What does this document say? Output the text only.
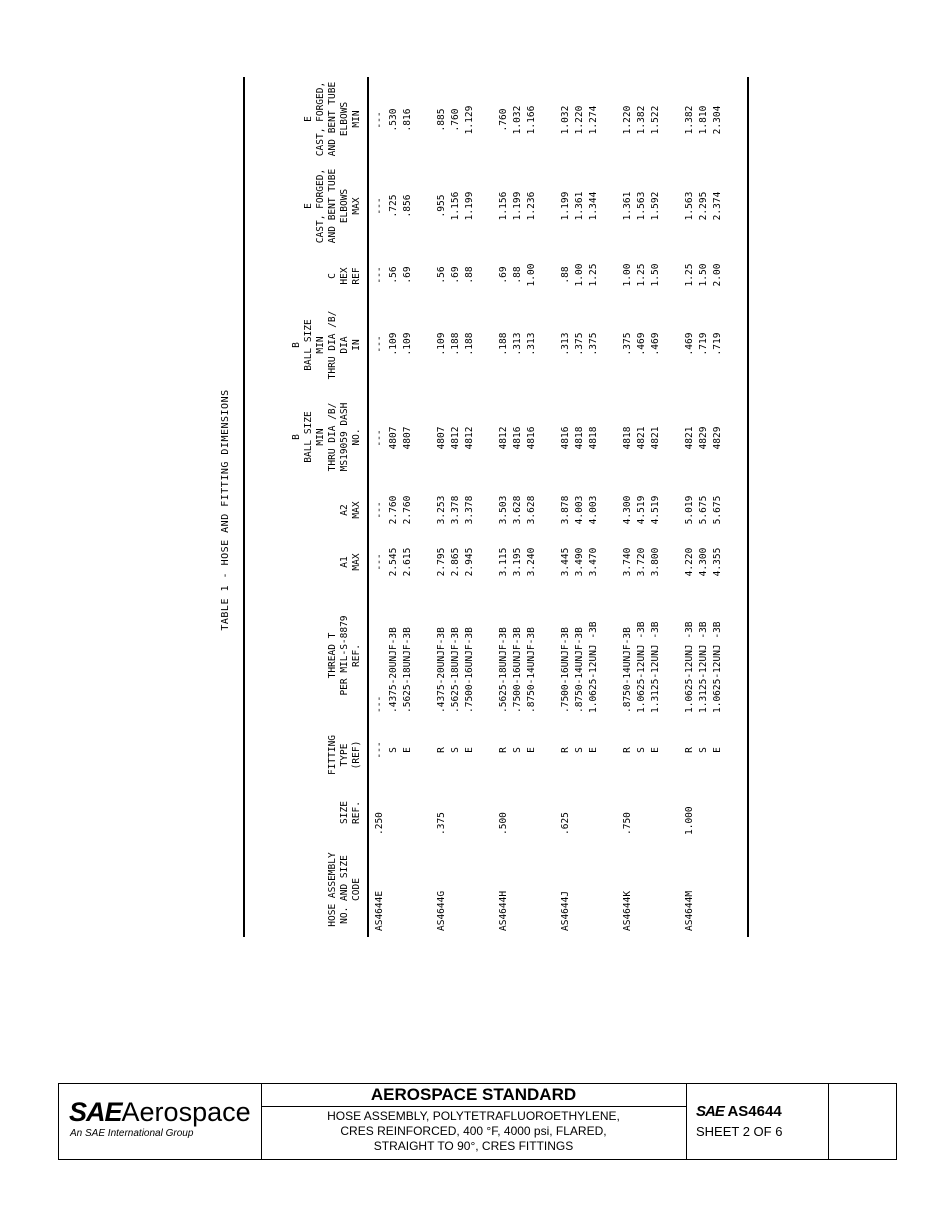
TABLE 1 - HOSE AND FITTING DIMENSIONS
HOSE ASSEMBLY NO. AND SIZE CODE
SIZE REF.
FITTING TYPE (REF)
THREAD T PER MIL-S-8879 REF.
A1 MAX
A2 MAX
B BALL SIZE MIN THRU DIA /B/ MS19059 DASH NO.
B BALL SIZE MIN THRU DIA /B/ DIA IN
C HEX REF
E CAST, FORGED, AND BENT TUBE ELBOWS MAX
E CAST, FORGED, AND BENT TUBE ELBOWS MIN
AS4644E
.250
--- S E
--- .4375-20UNJF-3B .5625-18UNJF-3B
--- 2.545 2.615
--- 2.760 2.760
--- 4807 4807
--- .109 .109
--- .56 .69
--- .725 .856
--- .530 .816
AS4644G
.375
R S E
.4375-20UNJF-3B .5625-18UNJF-3B .7500-16UNJF-3B
2.795 2.865 2.945
3.253 3.378 3.378
4807 4812 4812
.109 .188 .188
.56 .69 .88
.955 1.156 1.199
.885 .760 1.129
AS4644H
.500
R S E
.5625-18UNJF-3B .7500-16UNJF-3B .8750-14UNJF-3B
3.115 3.195 3.240
3.503 3.628 3.628
4812 4816 4816
.188 .313 .313
.69 .88 1.00
1.156 1.199 1.236
.760 1.032 1.166
AS4644J
.625
R S E
.7500-16UNJF-3B .8750-14UNJF-3B 1.0625-12UNJ -3B
3.445 3.490 3.470
3.878 4.003 4.003
4816 4818 4818
.313 .375 .375
.88 1.00 1.25
1.199 1.361 1.344
1.032 1.220 1.274
AS4644K
.750
R S E
.8750-14UNJF-3B 1.0625-12UNJ -3B 1.3125-12UNJ -3B
3.740 3.720 3.800
4.300 4.519 4.519
4818 4821 4821
.375 .469 .469
1.00 1.25 1.50
1.361 1.563 1.592
1.220 1.382 1.522
AS4644M
1.000
R S E
1.0625-12UNJ -3B 1.3125-12UNJ -3B 1.0625-12UNJ -3B
4.220 4.300 4.355
5.019 5.675 5.675
4821 4829 4829
.469 .719 .719
1.25 1.50 2.00
1.563 2.295 2.374
1.382 1.810 2.304
SAEAerospace
An SAE International Group
AEROSPACE STANDARD
HOSE ASSEMBLY, POLYTETRAFLUOROETHYLENE,
CRES REINFORCED, 400 °F, 4000 psi, FLARED,
STRAIGHT TO 90°, CRES FITTINGS
SAE AS4644
SHEET 2 OF 6
